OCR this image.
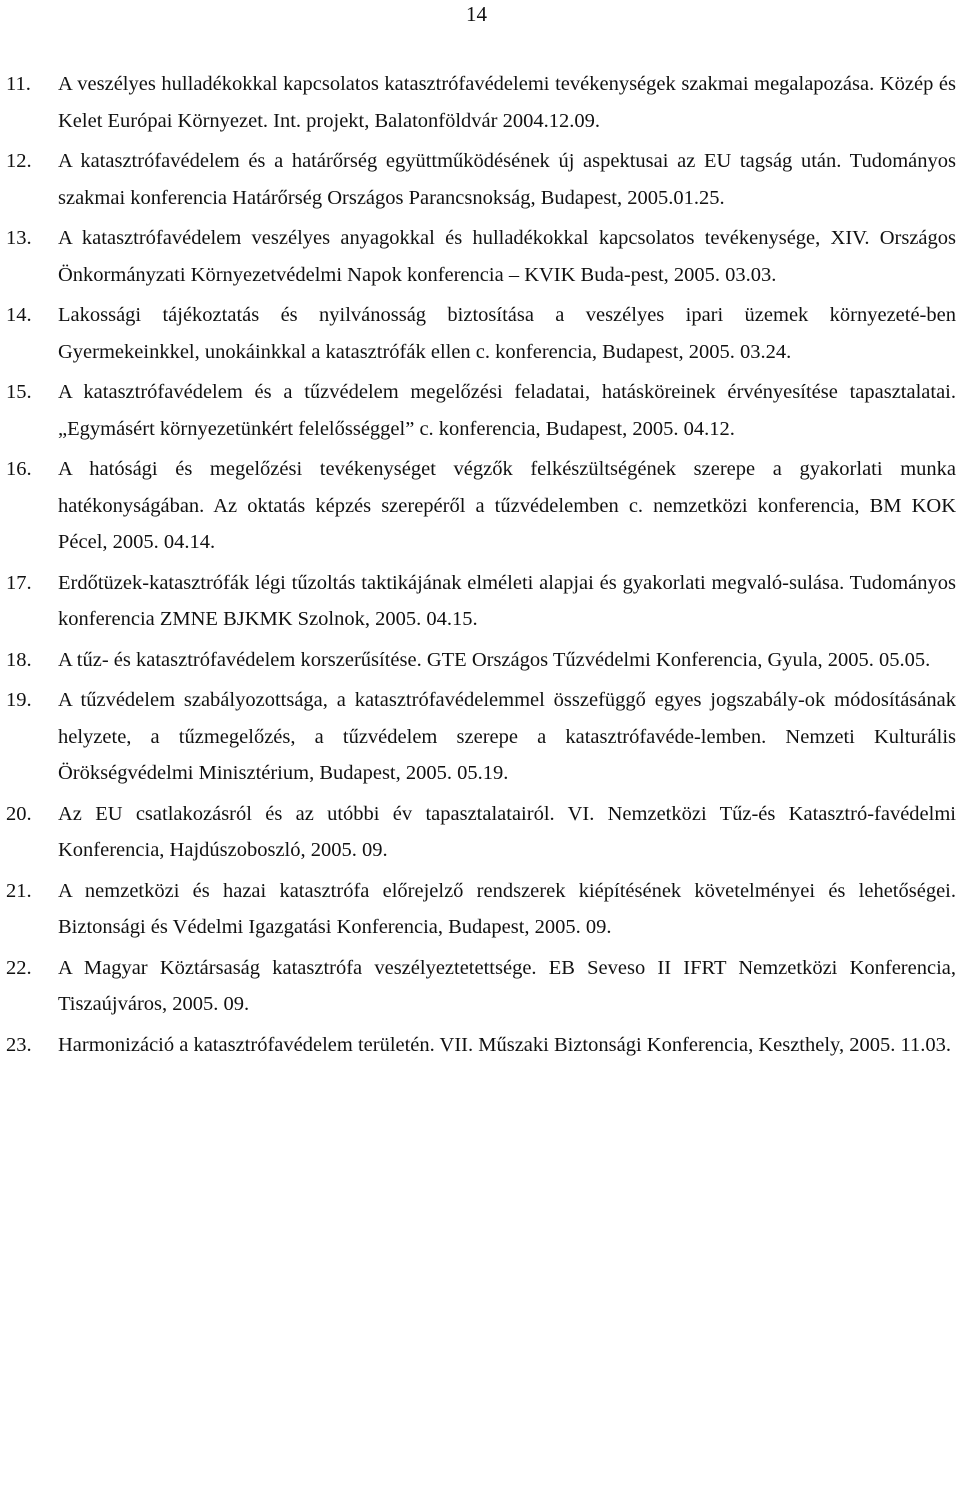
14
11.	A veszélyes hulladékokkal kapcsolatos katasztrófavédelemi tevékenységek szakmai megalapozása. Közép és Kelet Európai Környezet. Int. projekt, Balatonföldvár 2004.12.09.
12.	A katasztrófavédelem és a határőrség együttműködésének új aspektusai az EU tagság után. Tudományos szakmai konferencia Határőrség Országos Parancsnokság, Budapest, 2005.01.25.
13.	A katasztrófavédelem veszélyes anyagokkal és hulladékokkal kapcsolatos tevékenysége, XIV. Országos Önkormányzati Környezetvédelmi Napok konferencia – KVIK Buda-pest, 2005. 03.03.
14.	Lakossági tájékoztatás és nyilvánosság biztosítása a veszélyes ipari üzemek környezeté-ben Gyermekeinkkel, unokáinkkal a katasztrófák ellen c. konferencia, Budapest, 2005. 03.24.
15.	A katasztrófavédelem és a tűzvédelem megelőzési feladatai, hatásköreinek érvényesítése tapasztalatai. „Egymásért környezetünkért felelősséggel” c. konferencia, Budapest, 2005. 04.12.
16.	A hatósági és megelőzési tevékenységet végzők felkészültségének szerepe a gyakorlati munka hatékonyságában. Az oktatás képzés szerepéről a tűzvédelemben c. nemzetközi konferencia, BM KOK Pécel, 2005. 04.14.
17.	Erdőtüzek-katasztrófák légi tűzoltás taktikájának elméleti alapjai és gyakorlati megvaló-sulása. Tudományos konferencia ZMNE BJKMK Szolnok, 2005. 04.15.
18.	A tűz- és katasztrófavédelem korszerűsítése. GTE Országos Tűzvédelmi Konferencia, Gyula, 2005. 05.05.
19.	A tűzvédelem szabályozottsága, a katasztrófavédelemmel összefüggő egyes jogszabály-ok módosításának helyzete, a tűzmegelőzés, a tűzvédelem szerepe a katasztrófavéde-lemben. Nemzeti Kulturális Örökségvédelmi Minisztérium, Budapest, 2005. 05.19.
20.	Az EU csatlakozásról és az utóbbi év tapasztalatairól. VI. Nemzetközi Tűz-és Katasztró-favédelmi Konferencia, Hajdúszoboszló, 2005. 09.
21.	A nemzetközi és hazai katasztrófa előrejelző rendszerek kiépítésének követelményei és lehetőségei. Biztonsági és Védelmi Igazgatási Konferencia, Budapest, 2005. 09.
22.	A Magyar Köztársaság katasztrófa veszélyeztetettsége. EB Seveso II IFRT Nemzetközi Konferencia, Tiszaújváros, 2005. 09.
23.	Harmonizáció a katasztrófavédelem területén. VII. Műszaki Biztonsági Konferencia, Keszthely, 2005. 11.03.
